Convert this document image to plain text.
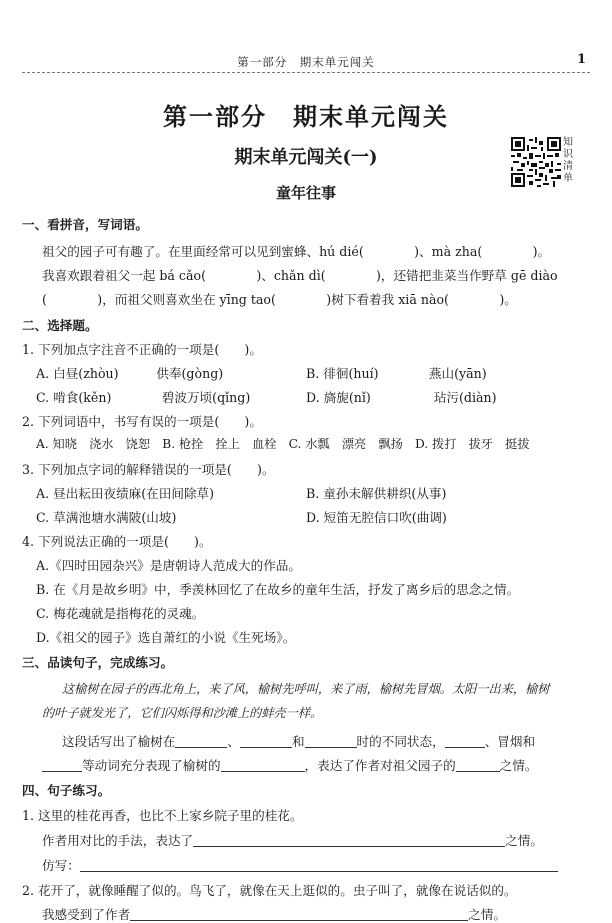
第一部分　期末单元闯关	1
第一部分　期末单元闯关
期末单元闯关(一)
童年往事
知识清单
一、看拼音，写词语。
祖父的园子可有趣了。在里面经常可以见到蜜蜂、hú dié(　　　　)、mà zha(　　　　)。
我喜欢跟着祖父一起 bá cǎo(　　　　)、chǎn dì(　　　　)，还错把韭菜当作野草 gē diào
(　　　　)，而祖父则喜欢坐在 yīng tao(　　　　)树下看着我 xiā nào(　　　　)。
二、选择题。
1. 下列加点字注音不正确的一项是(　　)。
A. 白昼(zhòu)　　　供奉(gòng)	B. 徘徊(huí)　　　　燕山(yān)
C. 啃食(kěn)　　　　碧波万顷(qǐng)	D. 旖旎(nǐ)　　　　　玷污(diàn)
2. 下列词语中，书写有误的一项是(　　)。
A. 知晓　浇水　饶恕　B. 枪拴　拴上　血栓　C. 水瓢　漂亮　飘扬　D. 拨打　拔牙　挺拔
3. 下列加点字词的解释错误的一项是(　　)。
A. 昼出耘田夜绩麻(在田间除草)	B. 童孙未解供耕织(从事)
C. 草满池塘水满陂(山坡)	D. 短笛无腔信口吹(曲调)
4. 下列说法正确的一项是(　　)。
A.《四时田园杂兴》是唐朝诗人范成大的作品。
B. 在《月是故乡明》中，季羡林回忆了在故乡的童年生活，抒发了离乡后的思念之情。
C. 梅花魂就是指梅花的灵魂。
D.《祖父的园子》选自萧红的小说《生死场》。
三、品读句子，完成练习。
这榆树在园子的西北角上，来了风，榆树先呼叫，来了雨，榆树先冒烟。太阳一出来，榆树
的叶子就发光了，它们闪烁得和沙滩上的蚌壳一样。
这段话写出了榆树在	、	和	时的不同状态，	、冒烟和
等动词充分表现了榆树的	，表达了作者对祖父园子的	之情。
四、句子练习。
1. 这里的桂花再香，也比不上家乡院子里的桂花。
作者用对比的手法，表达了	之情。
仿写：
2. 花开了，就像睡醒了似的。鸟飞了，就像在天上逛似的。虫子叫了，就像在说话似的。
我感受到了作者	之情。
